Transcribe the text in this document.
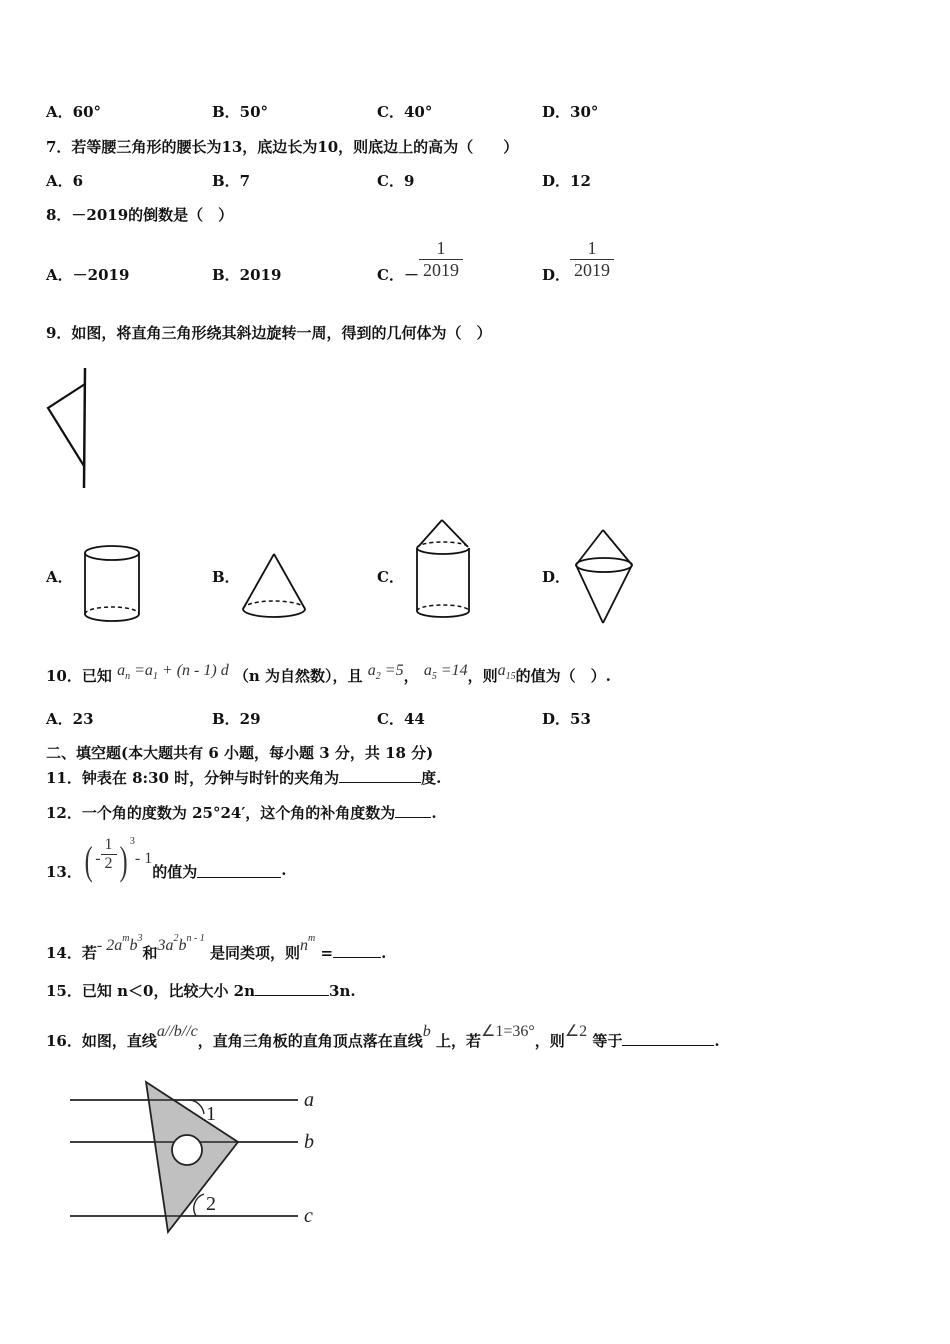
A．60°	B．50°	C．40°	D．30°
7．若等腰三角形的腰长为13，底边长为10，则底边上的高为（　　）
A．6	B．7	C．9	D．12
8．－2019的倒数是（　）
A．－2019	B．2019	C．－ $\frac{1}{2019}$	D． $\frac{1}{2019}$
9．如图，将直角三角形绕其斜边旋转一周，得到的几何体为（　）
A．	B．	C．	D．
10．已知 $a_n =a_1 + (n - 1)$ d （n 为自然数），且 $a_2 =5$， $a_5 =14$，则$a_{15}$的值为（　）.
A．23	B．29	C．44	D．53
二、填空题(本大题共有 6 小题，每小题 3 分，共 18 分)
11．钟表在 8:30 时，分钟与时针的夹角为	度.
12．一个角的度数为 25°24′，这个角的补角度数为 .
13．( - $\frac{1}{2}$ ) $^3$- 1的值为	.
14．若- $2a^mb^3$和$3a^2b^{n - 1}$ 是同类项，则$n^m$ =	.
15．已知 n＜0，比较大小 2n	3n.
16．如图，直线a//b//c，直角三角板的直角顶点落在直线b 上，若∠1=36°，则∠2 等于	.
1
2
a
b
c
